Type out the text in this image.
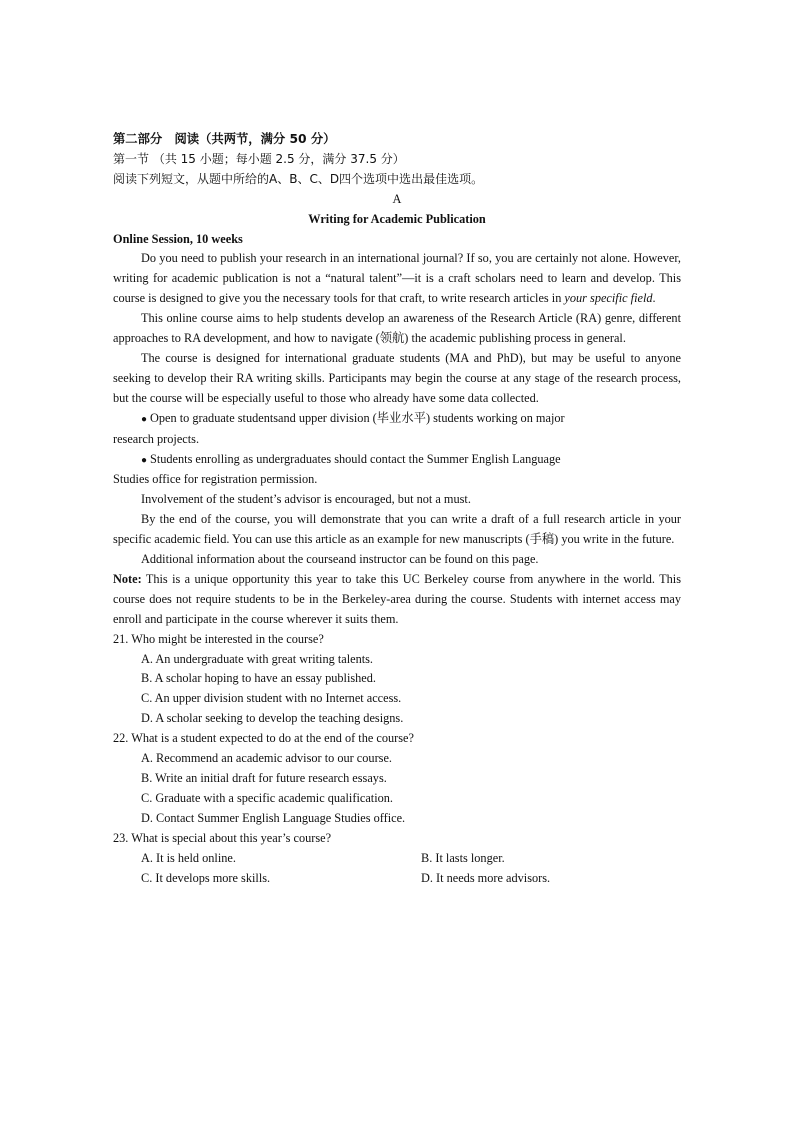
第二部分 阅读（共两节，满分 50 分）

第一节 （共 15 小题；每小题 2.5 分，满分 37.5 分）

阅读下列短文，从题中所给的A、B、C、D四个选项中选出最佳选项。

A

Writing for Academic Publication

Online Session, 10 weeks

Do you need to publish your research in an international journal? If so, you are certainly not alone. However, writing for academic publication is not a “natural talent”—it is a craft scholars need to learn and develop. This course is designed to give you the necessary tools for that craft, to write research articles in your specific field.

This online course aims to help students develop an awareness of the Research Article (RA) genre, different approaches to RA development, and how to navigate (领航) the academic publishing process in general.

The course is designed for international graduate students (MA and PhD), but may be useful to anyone seeking to develop their RA writing skills. Participants may begin the course at any stage of the research process, but the course will be especially useful to those who already have some data collected.

● Open to graduate studentsand upper division (毕业水平) students working on major

research projects.

● Students enrolling as undergraduates should contact the Summer English Language

Studies office for registration permission.

Involvement of the student’s advisor is encouraged, but not a must.

By the end of the course, you will demonstrate that you can write a draft of a full research article in your specific academic field. You can use this article as an example for new manuscripts (手稿) you write in the future.

Additional information about the courseand instructor can be found on this page.

Note: This is a unique opportunity this year to take this UC Berkeley course from anywhere in the world. This course does not require students to be in the Berkeley-area during the course. Students with internet access may enroll and participate in the course wherever it suits them.

21. Who might be interested in the course?

A. An undergraduate with great writing talents.

B. A scholar hoping to have an essay published.

C. An upper division student with no Internet access.

D. A scholar seeking to develop the teaching designs.

22. What is a student expected to do at the end of the course?

A. Recommend an academic advisor to our course.

B. Write an initial draft for future research essays.

C. Graduate with a specific academic qualification.

D. Contact Summer English Language Studies office.

23. What is special about this year’s course?

A. It is held online.	B. It lasts longer.
C. It develops more skills.	D. It needs more advisors.
